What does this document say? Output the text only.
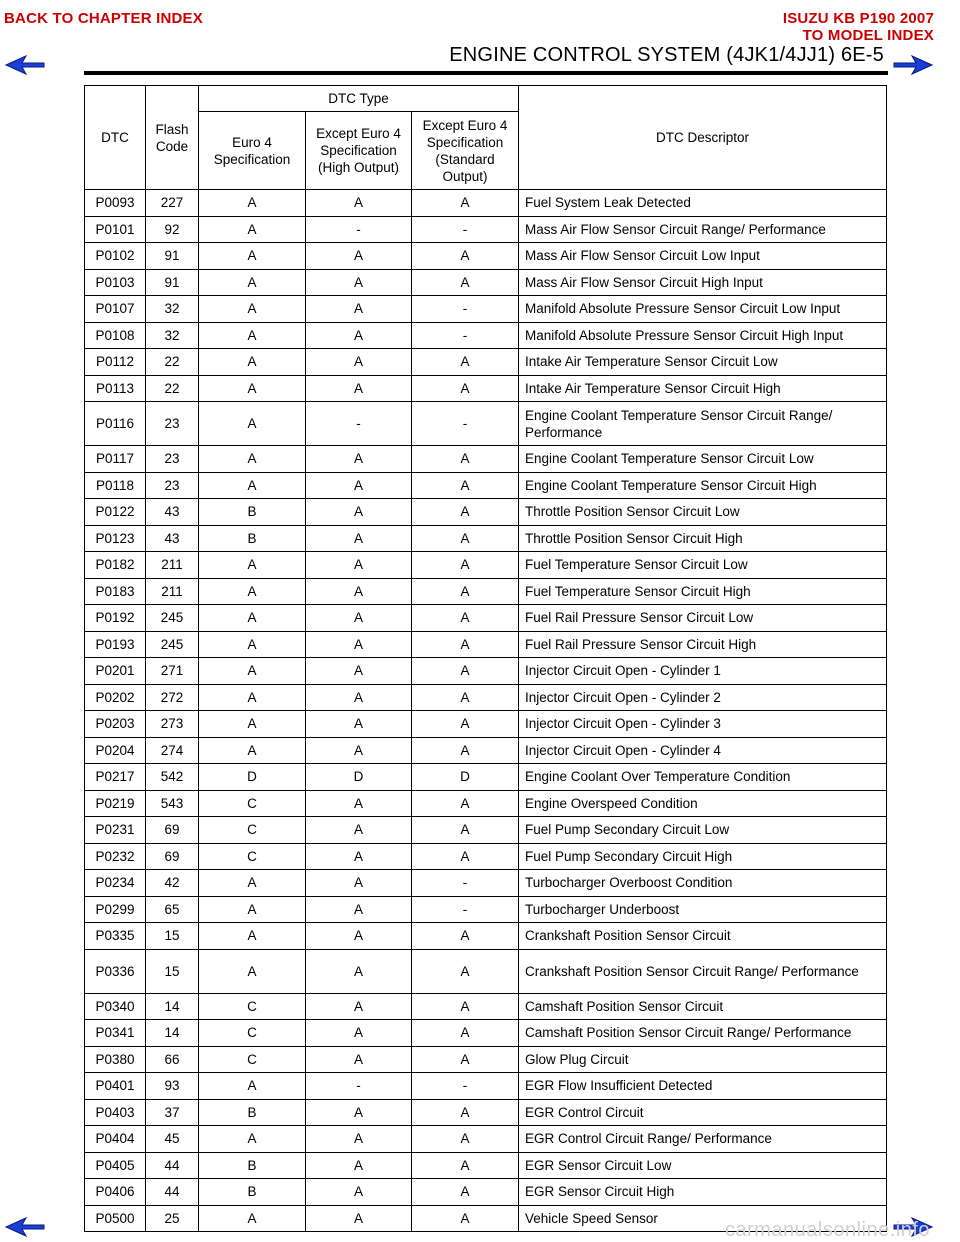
BACK TO CHAPTER INDEX	ISUZU KB P190 2007
TO MODEL INDEX
ENGINE CONTROL SYSTEM (4JK1/4JJ1) 6E-5
DTC	Flash Code	DTC Type			DTC Descriptor
		Euro 4 Specification	Except Euro 4 Specification (High Output)	Except Euro 4 Specification (Standard Output)	
P0093	227	A	A	A	Fuel System Leak Detected
P0101	92	A	-	-	Mass Air Flow Sensor Circuit Range/ Performance
P0102	91	A	A	A	Mass Air Flow Sensor Circuit Low Input
P0103	91	A	A	A	Mass Air Flow Sensor Circuit High Input
P0107	32	A	A	-	Manifold Absolute Pressure Sensor Circuit Low Input
P0108	32	A	A	-	Manifold Absolute Pressure Sensor Circuit High Input
P0112	22	A	A	A	Intake Air Temperature Sensor Circuit Low
P0113	22	A	A	A	Intake Air Temperature Sensor Circuit High
P0116	23	A	-	-	Engine Coolant Temperature Sensor Circuit Range/ Performance
P0117	23	A	A	A	Engine Coolant Temperature Sensor Circuit Low
P0118	23	A	A	A	Engine Coolant Temperature Sensor Circuit High
P0122	43	B	A	A	Throttle Position Sensor Circuit Low
P0123	43	B	A	A	Throttle Position Sensor Circuit High
P0182	211	A	A	A	Fuel Temperature Sensor Circuit Low
P0183	211	A	A	A	Fuel Temperature Sensor Circuit High
P0192	245	A	A	A	Fuel Rail Pressure Sensor Circuit Low
P0193	245	A	A	A	Fuel Rail Pressure Sensor Circuit High
P0201	271	A	A	A	Injector Circuit Open - Cylinder 1
P0202	272	A	A	A	Injector Circuit Open - Cylinder 2
P0203	273	A	A	A	Injector Circuit Open - Cylinder 3
P0204	274	A	A	A	Injector Circuit Open - Cylinder 4
P0217	542	D	D	D	Engine Coolant Over Temperature Condition
P0219	543	C	A	A	Engine Overspeed Condition
P0231	69	C	A	A	Fuel Pump Secondary Circuit Low
P0232	69	C	A	A	Fuel Pump Secondary Circuit High
P0234	42	A	A	-	Turbocharger Overboost Condition
P0299	65	A	A	-	Turbocharger Underboost
P0335	15	A	A	A	Crankshaft Position Sensor Circuit
P0336	15	A	A	A	Crankshaft Position Sensor Circuit Range/ Performance
P0340	14	C	A	A	Camshaft Position Sensor Circuit
P0341	14	C	A	A	Camshaft Position Sensor Circuit Range/ Performance
P0380	66	C	A	A	Glow Plug Circuit
P0401	93	A	-	-	EGR Flow Insufficient Detected
P0403	37	B	A	A	EGR Control Circuit
P0404	45	A	A	A	EGR Control Circuit Range/ Performance
P0405	44	B	A	A	EGR Sensor Circuit Low
P0406	44	B	A	A	EGR Sensor Circuit High
P0500	25	A	A	A	Vehicle Speed Sensor
carmanualsonline.info
